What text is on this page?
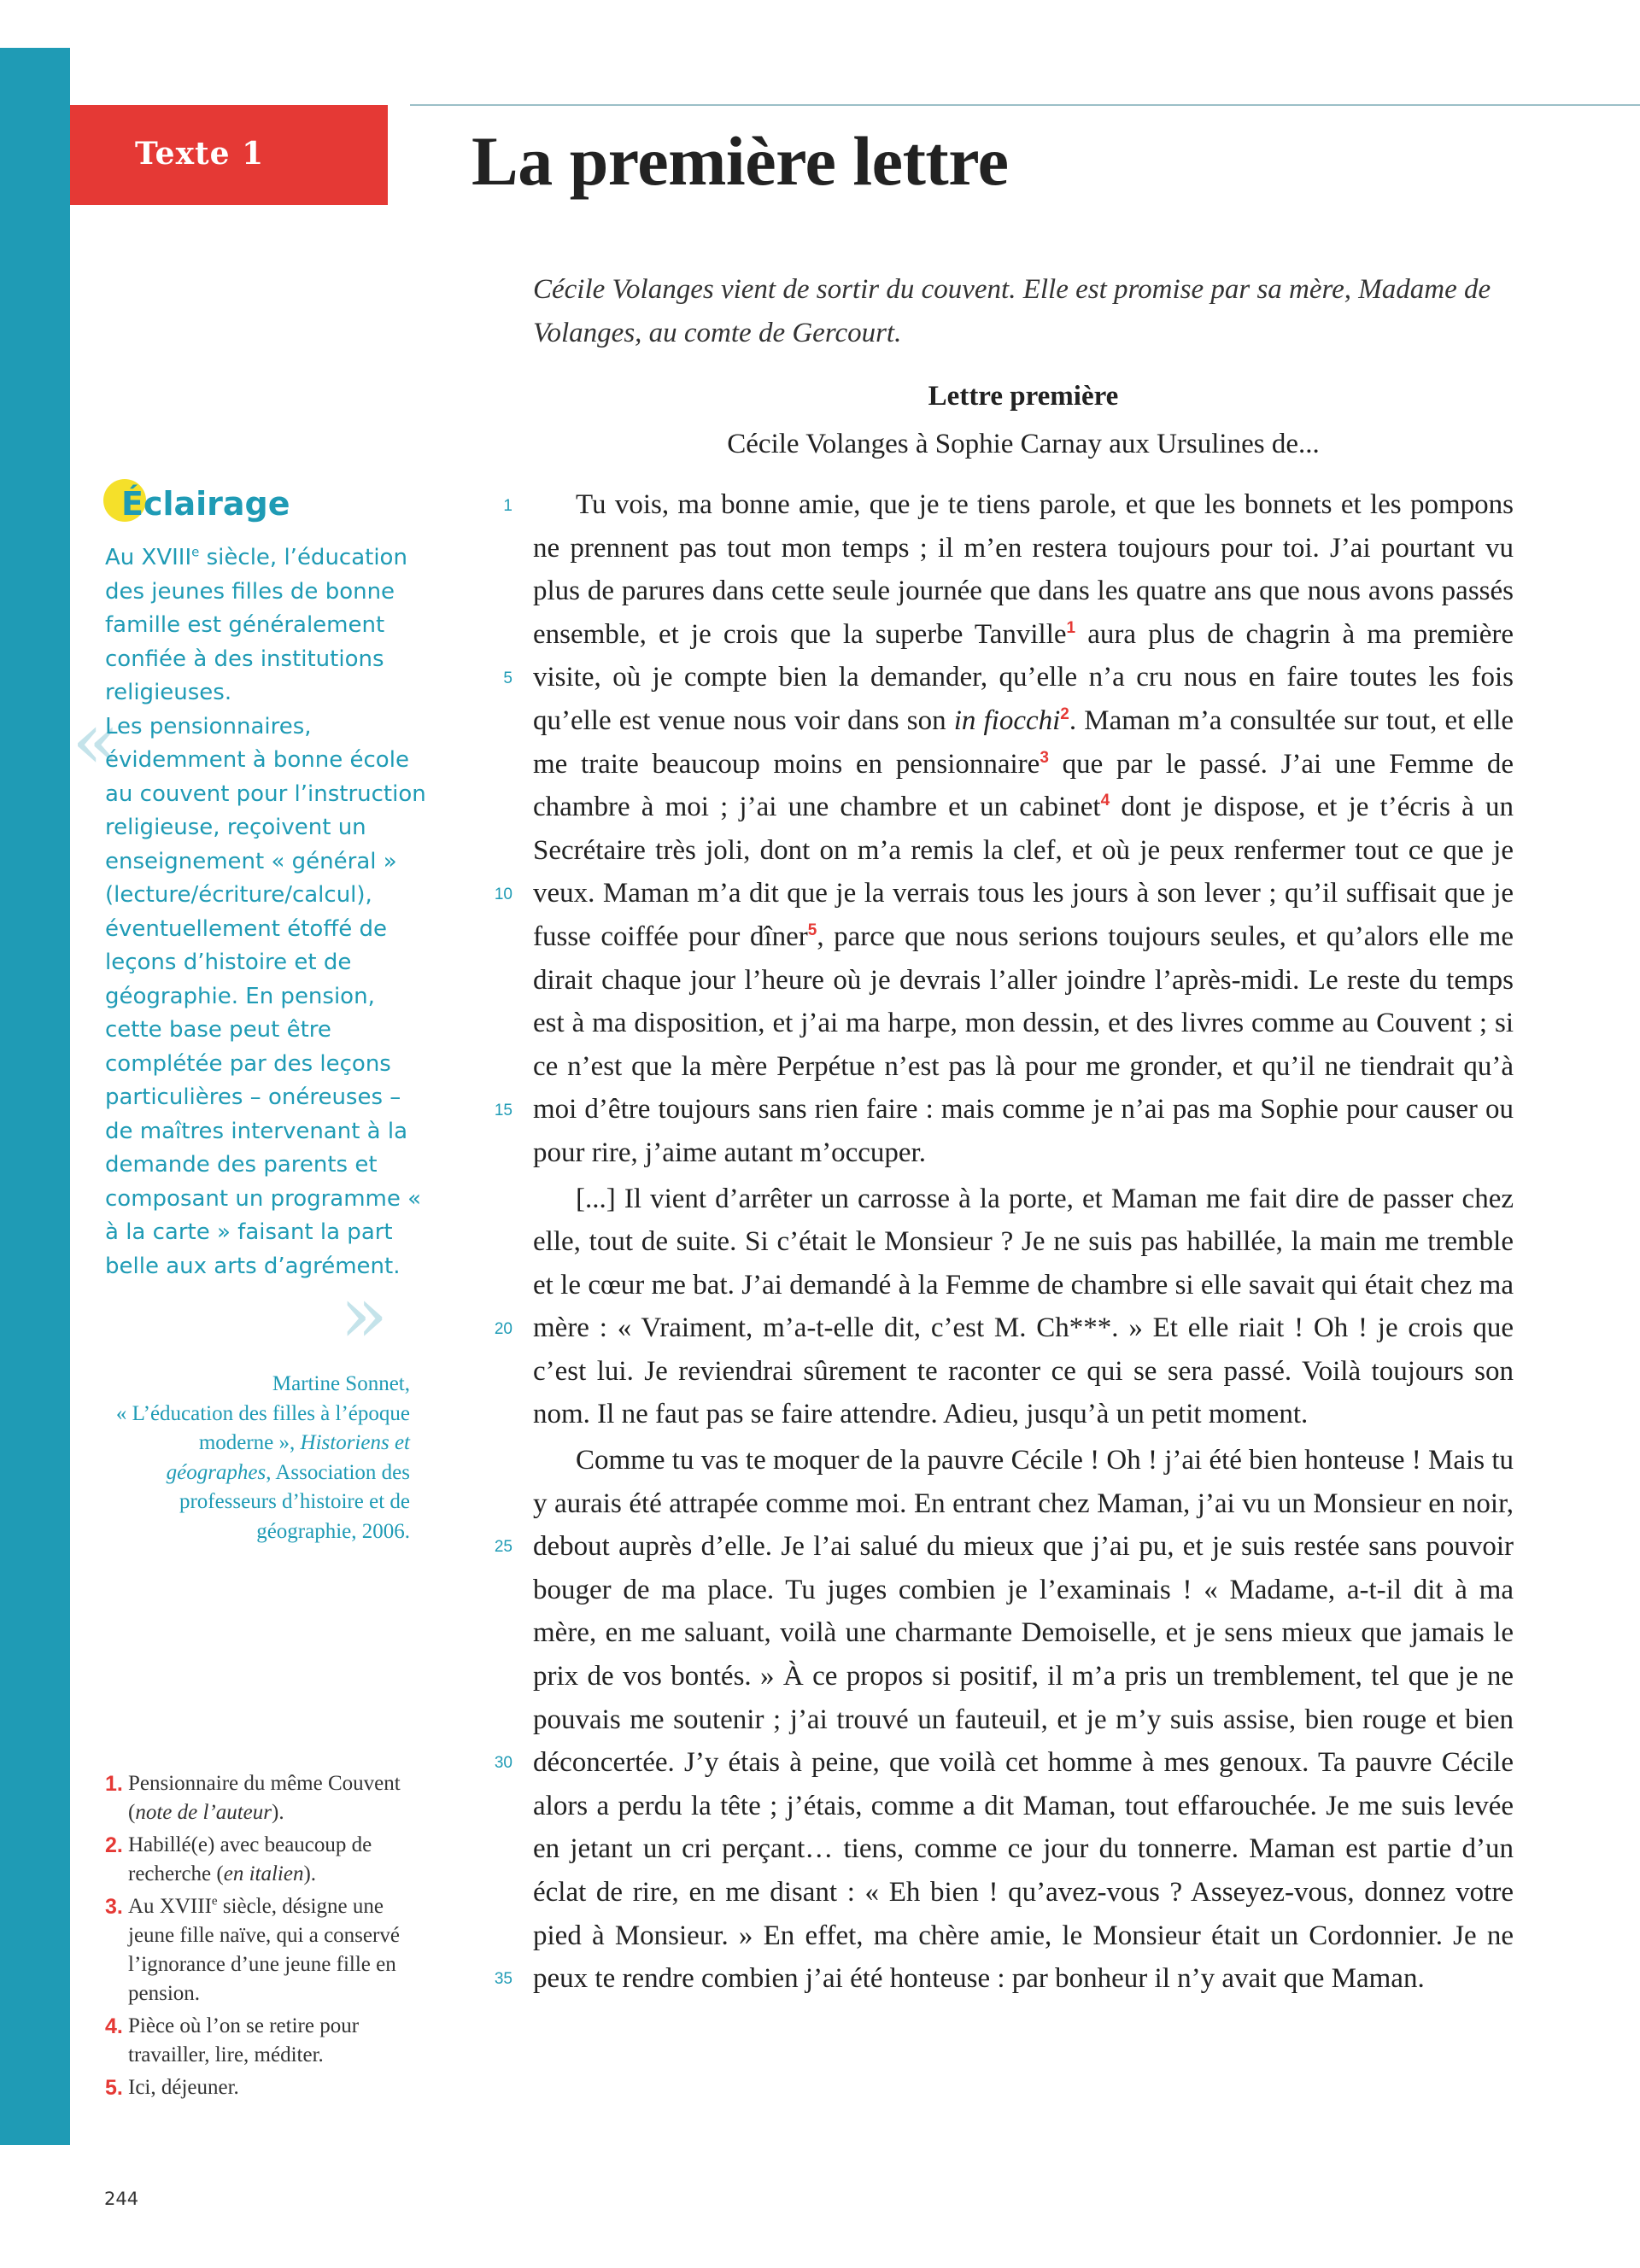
Texte 1	La première lettre

Cécile Volanges vient de sortir du couvent. Elle est promise par sa mère, Madame de Volanges, au comte de Gercourt.

Lettre première
Cécile Volanges à Sophie Carnay aux Ursulines de...
1
5
10
15
20
25
30
35

Tu vois, ma bonne amie, que je te tiens parole, et que les bonnets et les pompons ne prennent pas tout mon temps ; il m’en restera toujours pour toi. J’ai pourtant vu plus de parures dans cette seule journée que dans les quatre ans que nous avons passés ensemble, et je crois que la superbe Tanville$^1$ aura plus de chagrin à ma première visite, où je compte bien la demander, qu’elle n’a cru nous en faire toutes les fois qu’elle est venue nous voir dans son in fiocchi$^2$. Maman m’a consultée sur tout, et elle me traite beaucoup moins en pensionnaire$^3$ que par le passé. J’ai une Femme de chambre à moi ; j’ai une chambre et un cabinet$^4$ dont je dispose, et je t’écris à un Secrétaire très joli, dont on m’a remis la clef, et où je peux renfermer tout ce que je veux. Maman m’a dit que je la verrais tous les jours à son lever ; qu’il suffisait que je fusse coiffée pour dîner$^5$, parce que nous serions toujours seules, et qu’alors elle me dirait chaque jour l’heure où je devrais l’aller joindre l’après-midi. Le reste du temps est à ma disposition, et j’ai ma harpe, mon dessin, et des livres comme au Couvent ; si ce n’est que la mère Perpétue n’est pas là pour me gronder, et qu’il ne tiendrait qu’à moi d’être toujours sans rien faire : mais comme je n’ai pas ma Sophie pour causer ou pour rire, j’aime autant m’occuper.

[...] Il vient d’arrêter un carrosse à la porte, et Maman me fait dire de passer chez elle, tout de suite. Si c’était le Monsieur ? Je ne suis pas habillée, la main me tremble et le cœur me bat. J’ai demandé à la Femme de chambre si elle savait qui était chez ma mère : « Vraiment, m’a-t-elle dit, c’est M. Ch***. » Et elle riait ! Oh ! je crois que c’est lui. Je reviendrai sûrement te raconter ce qui se sera passé. Voilà toujours son nom. Il ne faut pas se faire attendre. Adieu, jusqu’à un petit moment.

Comme tu vas te moquer de la pauvre Cécile ! Oh ! j’ai été bien honteuse ! Mais tu y aurais été attrapée comme moi. En entrant chez Maman, j’ai vu un Monsieur en noir, debout auprès d’elle. Je l’ai salué du mieux que j’ai pu, et je suis restée sans pouvoir bouger de ma place. Tu juges combien je l’examinais ! « Madame, a-t-il dit à ma mère, en me saluant, voilà une charmante Demoiselle, et je sens mieux que jamais le prix de vos bontés. » À ce propos si positif, il m’a pris un tremblement, tel que je ne pouvais me soutenir ; j’ai trouvé un fauteuil, et je m’y suis assise, bien rouge et bien déconcertée. J’y étais à peine, que voilà cet homme à mes genoux. Ta pauvre Cécile alors a perdu la tête ; j’étais, comme a dit Maman, tout effarouchée. Je me suis levée en jetant un cri perçant… tiens, comme ce jour du tonnerre. Maman est partie d’un éclat de rire, en me disant : « Eh bien ! qu’avez-vous ? Asseyez-vous, donnez votre pied à Monsieur. » En effet, ma chère amie, le Monsieur était un Cordonnier. Je ne peux te rendre combien j’ai été honteuse : par bonheur il n’y avait que Maman.

Éclairage
«

Au XVIIIe siècle, l’éducation des jeunes filles de bonne famille est généralement confiée à des institutions religieuses.

Les pensionnaires, évidemment à bonne école au couvent pour l’instruction religieuse, reçoivent un enseignement « général » (lecture/écriture/calcul), éventuellement étoffé de leçons d’histoire et de géographie. En pension, cette base peut être complétée par des leçons particulières – onéreuses – de maîtres intervenant à la demande des parents et composant un programme « à la carte » faisant la part belle aux arts d’agrément.

»

Martine Sonnet,
« L’éducation des filles à l’époque moderne », Historiens et géographes, Association des professeurs d’histoire et de géographie, 2006.

1. Pensionnaire du même Couvent (note de l’auteur).
2. Habillé(e) avec beaucoup de recherche (en italien).
3. Au XVIIIe siècle, désigne une jeune fille naïve, qui a conservé l’ignorance d’une jeune fille en pension.
4. Pièce où l’on se retire pour travailler, lire, méditer.
5. Ici, déjeuner.
244
